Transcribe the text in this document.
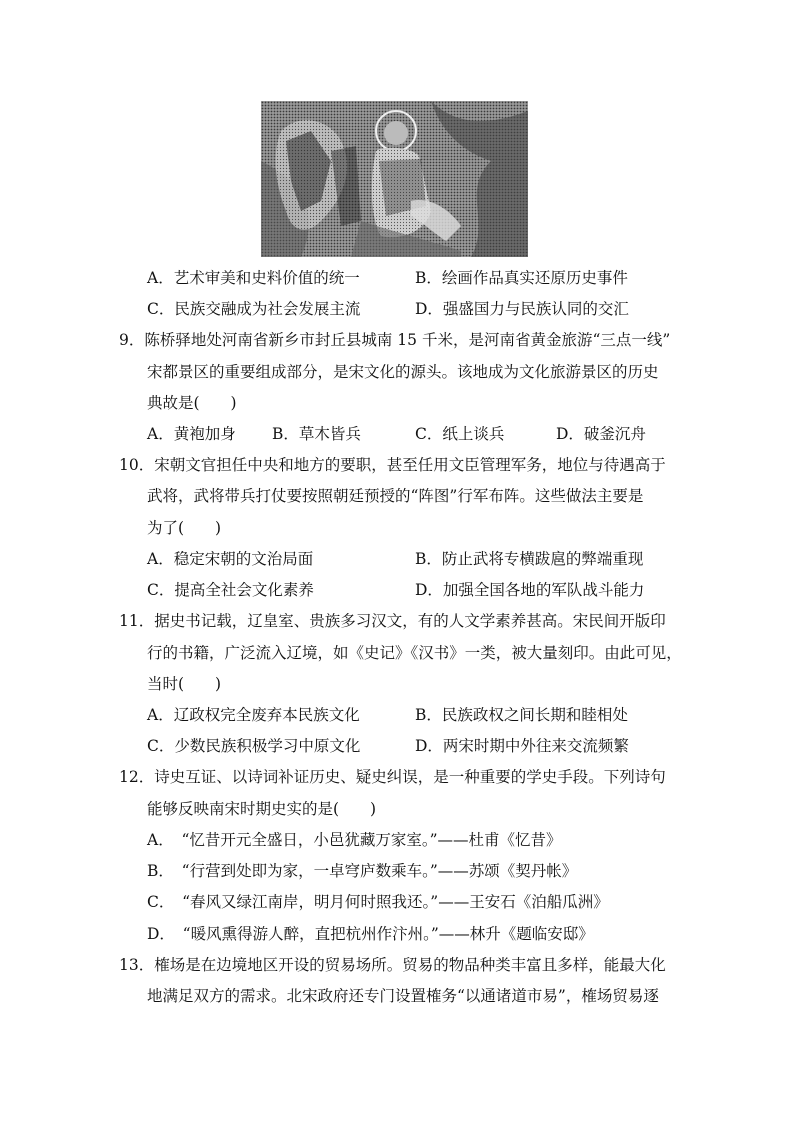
A．艺术审美和史料价值的统一	B．绘画作品真实还原历史事件
C．民族交融成为社会发展主流	D．强盛国力与民族认同的交汇
9．陈桥驿地处河南省新乡市封丘县城南 15 千米，是河南省黄金旅游“三点一线”
宋都景区的重要组成部分，是宋文化的源头。该地成为文化旅游景区的历史
典故是(　　)
A．黄袍加身 B．草木皆兵	C．纸上谈兵	D．破釜沉舟
10．宋朝文官担任中央和地方的要职，甚至任用文臣管理军务，地位与待遇高于
武将，武将带兵打仗要按照朝廷预授的“阵图”行军布阵。这些做法主要是
为了(　　)
A．稳定宋朝的文治局面	B．防止武将专横跋扈的弊端重现
C．提高全社会文化素养	D．加强全国各地的军队战斗能力
11．据史书记载，辽皇室、贵族多习汉文，有的人文学素养甚高。宋民间开版印
行的书籍，广泛流入辽境，如《史记》《汉书》一类，被大量刻印。由此可见，
当时(　　)
A．辽政权完全废弃本民族文化	B．民族政权之间长期和睦相处
C．少数民族积极学习中原文化	D．两宋时期中外往来交流频繁
12．诗史互证、以诗词补证历史、疑史纠误，是一种重要的学史手段。下列诗句
能够反映南宋时期史实的是(　　)
A．　“忆昔开元全盛日，小邑犹藏万家室。”——杜甫《忆昔》
B．　“行营到处即为家，一卓穹庐数乘车。”——苏颂《契丹帐》
C．　“春风又绿江南岸，明月何时照我还。”——王安石《泊船瓜洲》
D．　“暖风熏得游人醉，直把杭州作汴州。”——林升《题临安邸》
13．榷场是在边境地区开设的贸易场所。贸易的物品种类丰富且多样，能最大化
地满足双方的需求。北宋政府还专门设置榷务“以通诸道市易”，榷场贸易逐
